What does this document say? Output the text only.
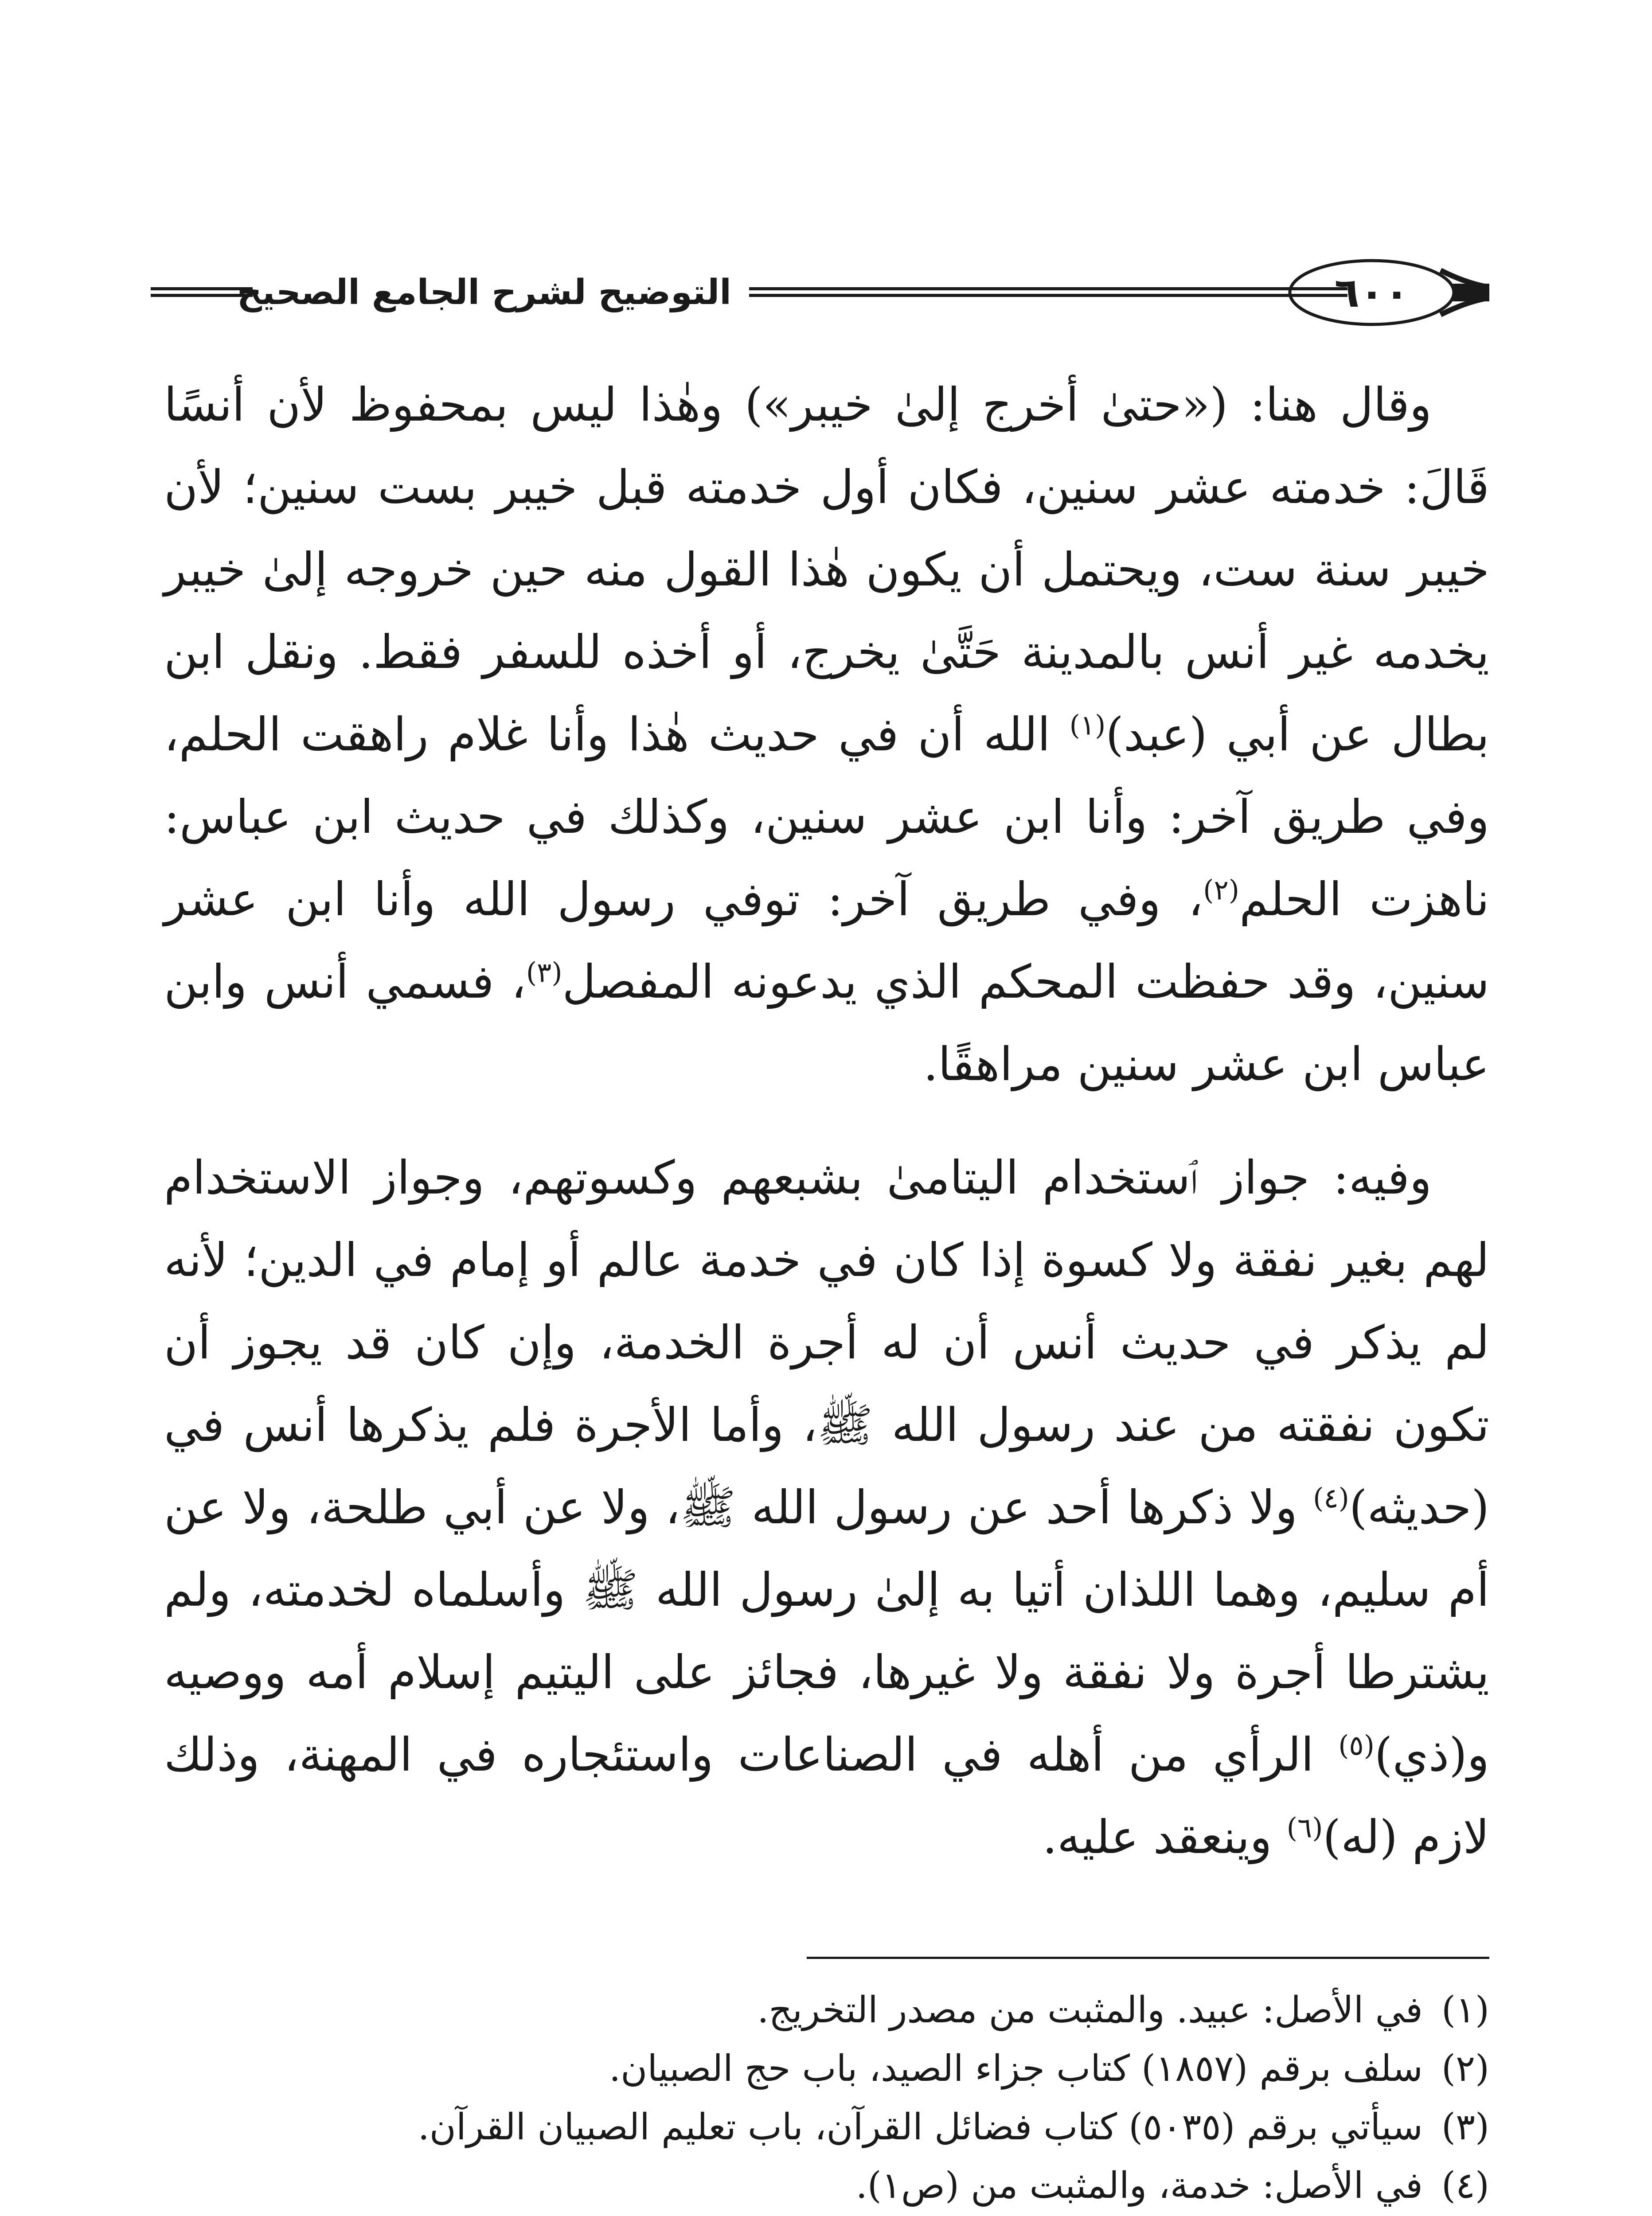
٦٠٠
التوضيح لشرح الجامع الصحيح

وقال هنا: («حتىٰ أخرج إلىٰ خيبر») وهٰذا ليس بمحفوظ لأن أنسًا قَالَ: خدمته عشر سنين، فكان أول خدمته قبل خيبر بست سنين؛ لأن خيبر سنة ست، ويحتمل أن يكون هٰذا القول منه حين خروجه إلىٰ خيبر يخدمه غير أنس بالمدينة حَتَّىٰ يخرج، أو أخذه للسفر فقط. ونقل ابن بطال عن أبي (عبد)$^{(١)}$ الله أن في حديث هٰذا وأنا غلام راهقت الحلم، وفي طريق آخر: وأنا ابن عشر سنين، وكذلك في حديث ابن عباس: ناهزت الحلم$^{(٢)}$، وفي طريق آخر: توفي رسول الله وأنا ابن عشر سنين، وقد حفظت المحكم الذي يدعونه المفصل$^{(٣)}$، فسمي أنس وابن عباس ابن عشر سنين مراهقًا.

وفيه: جواز ٱستخدام اليتامىٰ بشبعهم وكسوتهم، وجواز الاستخدام لهم بغير نفقة ولا كسوة إذا كان في خدمة عالم أو إمام في الدين؛ لأنه لم يذكر في حديث أنس أن له أجرة الخدمة، وإن كان قد يجوز أن تكون نفقته من عند رسول الله ﷺ، وأما الأجرة فلم يذكرها أنس في (حديثه)$^{(٤)}$ ولا ذكرها أحد عن رسول الله ﷺ، ولا عن أبي طلحة، ولا عن أم سليم، وهما اللذان أتيا به إلىٰ رسول الله ﷺ وأسلماه لخدمته، ولم يشترطا أجرة ولا نفقة ولا غيرها، فجائز على اليتيم إسلام أمه ووصيه و(ذي)$^{(٥)}$ الرأي من أهله في الصناعات واستئجاره في المهنة، وذلك لازم (له)$^{(٦)}$ وينعقد عليه.

(١)
في الأصل: عبيد. والمثبت من مصدر التخريج.
(٢)
سلف برقم (١٨٥٧) كتاب جزاء الصيد، باب حج الصبيان.
(٣)
سيأتي برقم (٥٠٣٥) كتاب فضائل القرآن، باب تعليم الصبيان القرآن.
(٤)
في الأصل: خدمة، والمثبت من (ص١).
